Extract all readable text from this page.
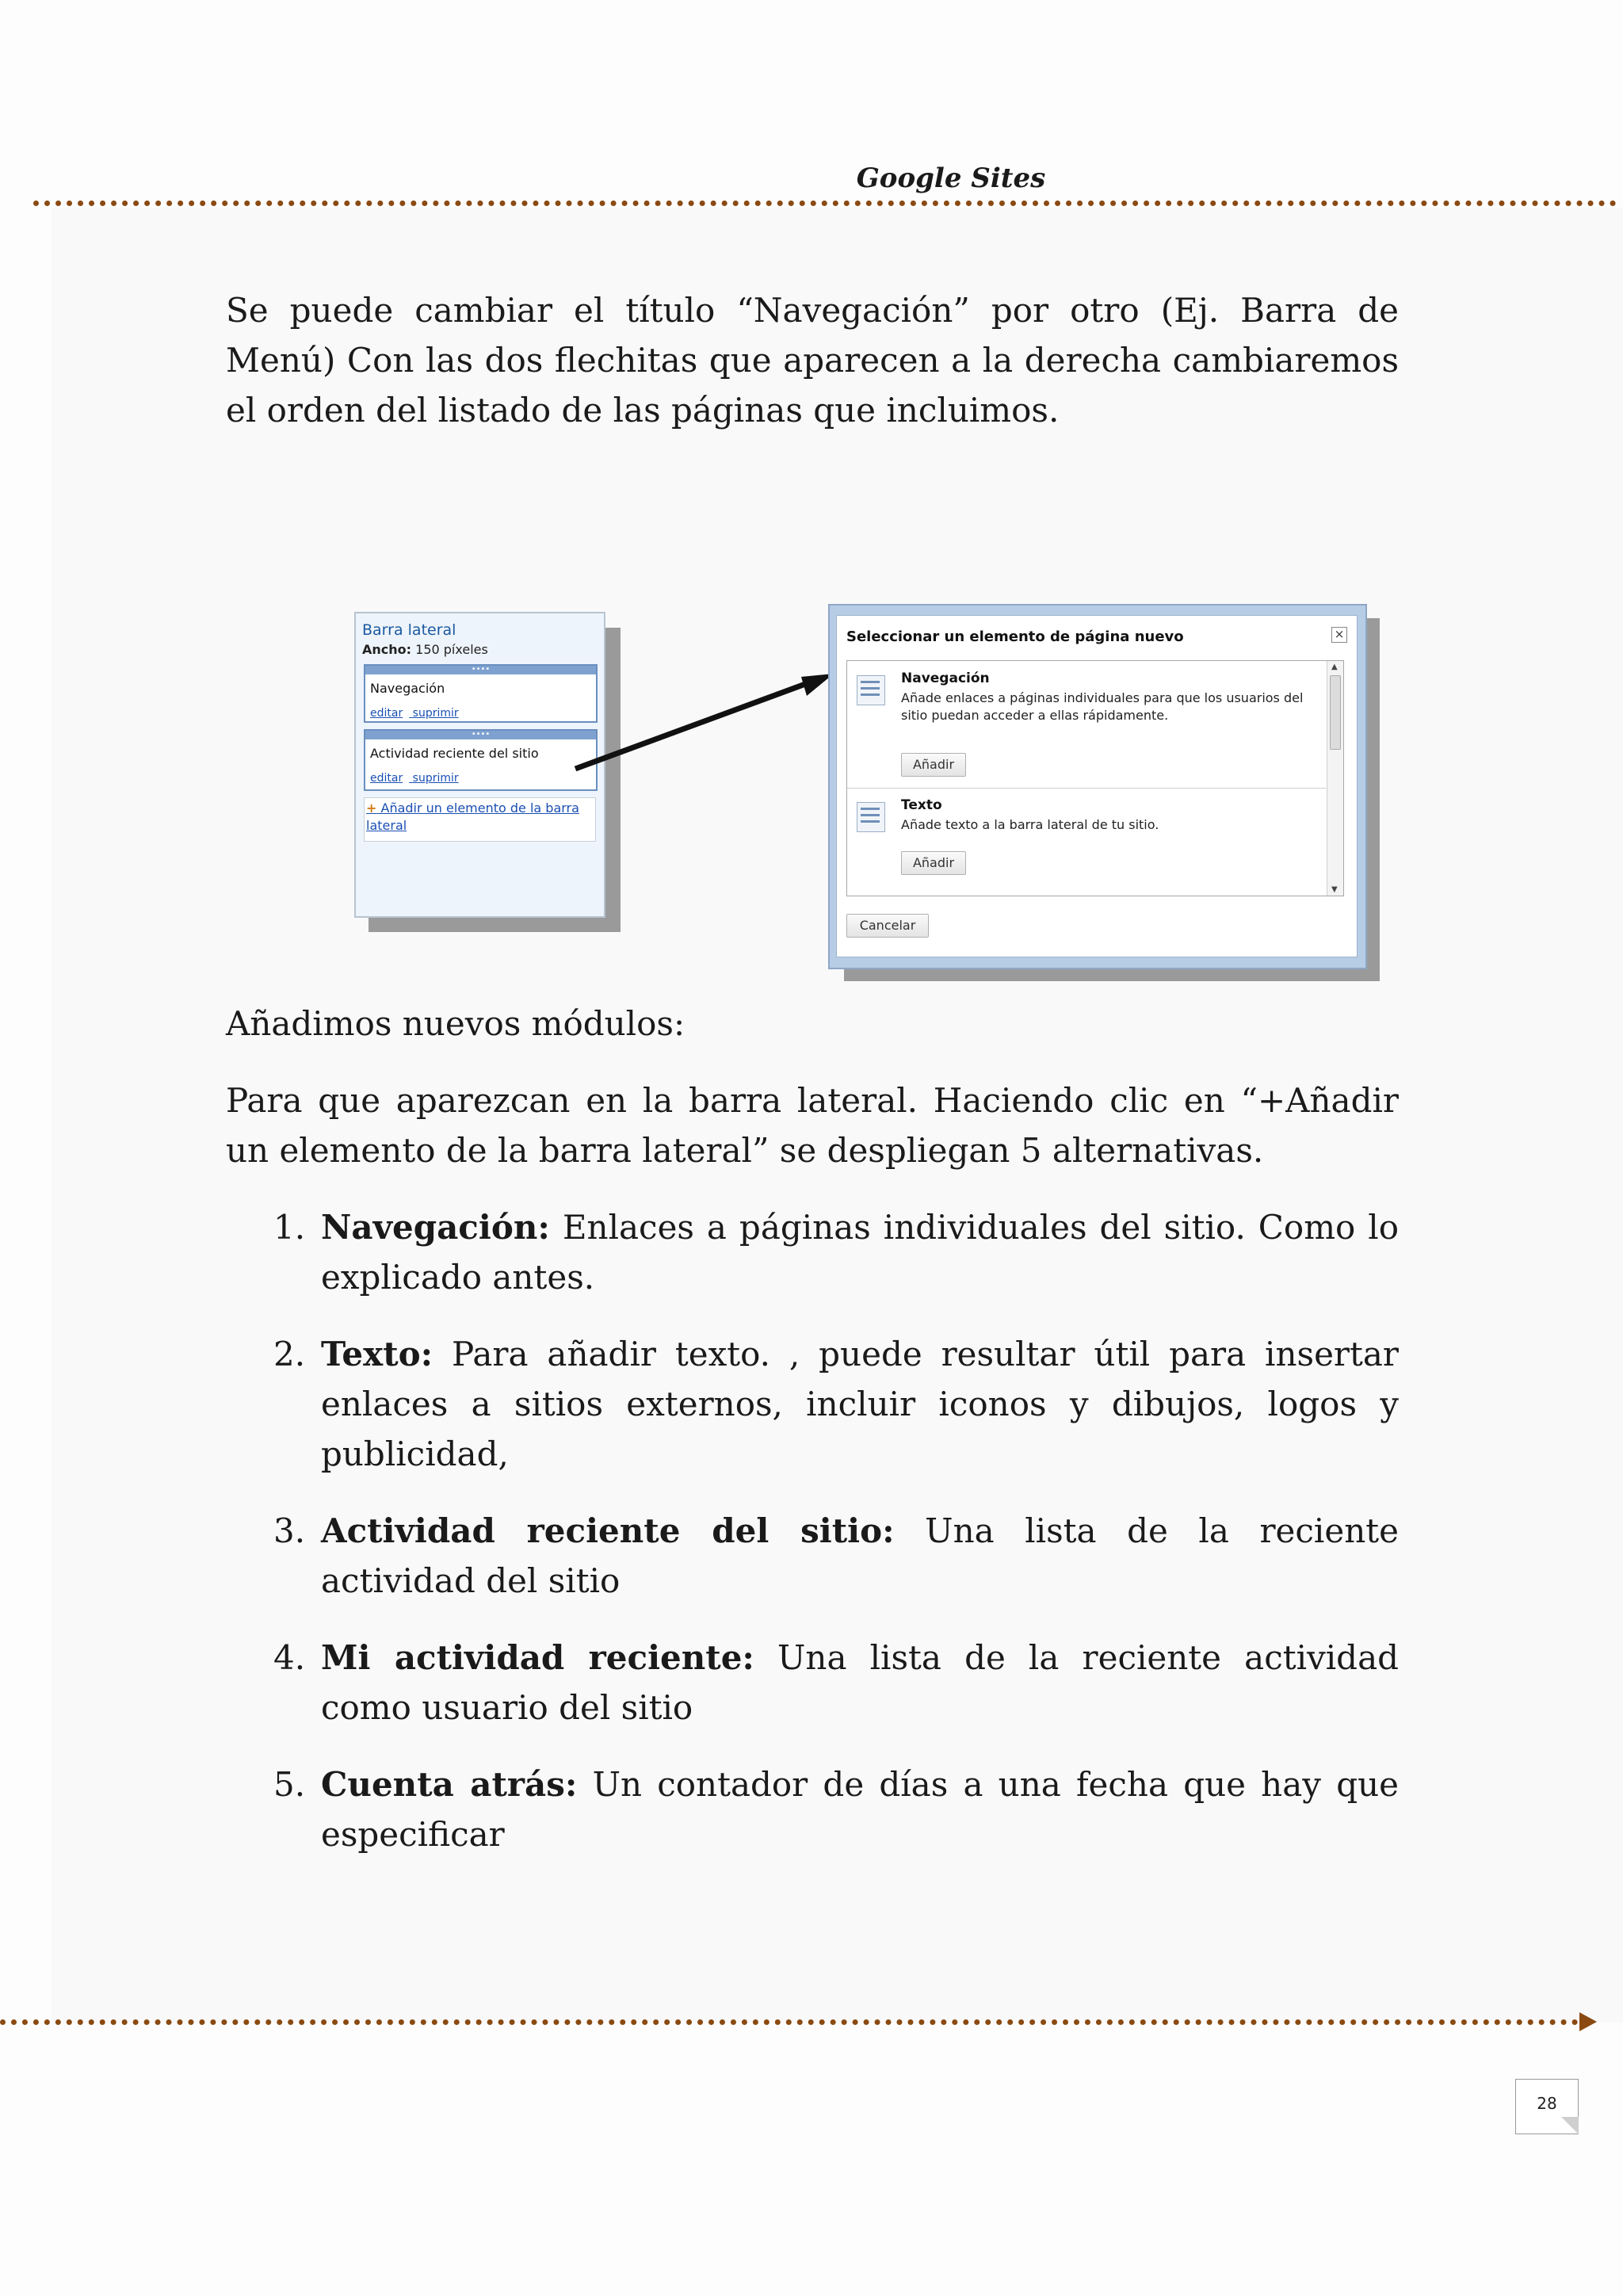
Google Sites
Se puede cambiar el título “Navegación” por otro (Ej. Barra de Menú) Con las dos flechitas que aparecen a la derecha cambiaremos el orden del listado de las páginas que incluimos.
Barra lateral
Ancho: 150 píxeles
••••
Navegación
editar suprimir
••••
Actividad reciente del sitio
editar suprimir
+ Añadir un elemento de la barra lateral
Seleccionar un elemento de página nuevo	×
Navegación
Añade enlaces a páginas individuales para que los usuarios del sitio puedan acceder a ellas rápidamente.
Añadir
Texto
Añade texto a la barra lateral de tu sitio.
Añadir
▲
▼
Cancelar
Añadimos nuevos módulos:
Para que aparezcan en la barra lateral. Haciendo clic en “+Añadir un elemento de la barra lateral” se despliegan 5 alternativas.
1. Navegación: Enlaces a páginas individuales del sitio. Como lo explicado antes.
2. Texto: Para añadir texto. , puede resultar útil para insertar enlaces a sitios externos, incluir iconos y dibujos, logos y publicidad,
3. Actividad reciente del sitio: Una lista de la reciente actividad del sitio
4. Mi actividad reciente: Una lista de la reciente actividad como usuario del sitio
5. Cuenta atrás: Un contador de días a una fecha que hay que especificar
28
